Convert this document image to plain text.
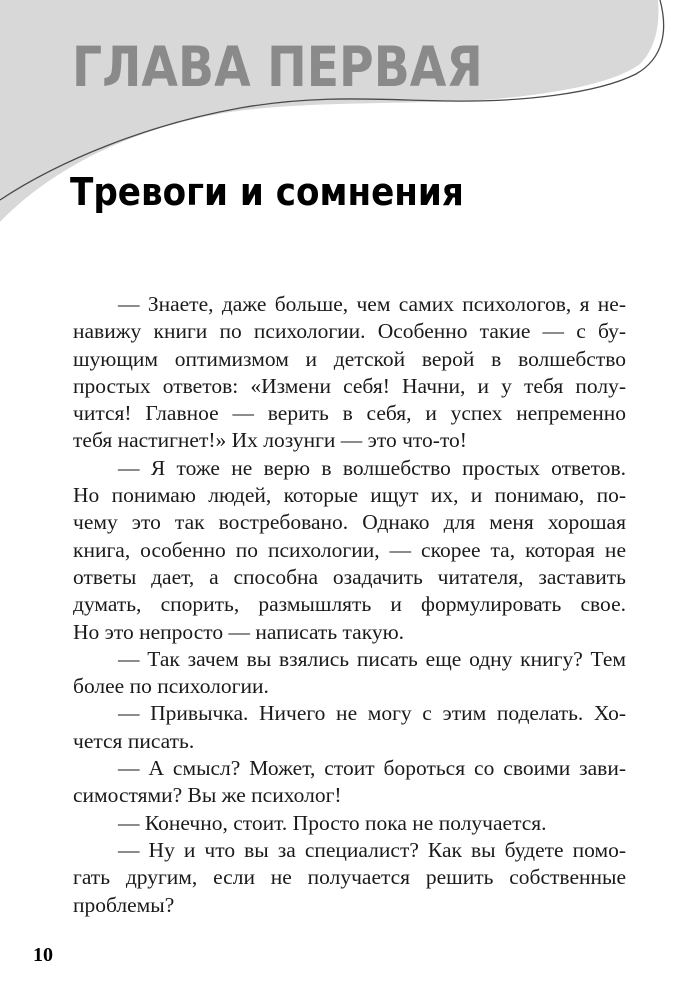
ГЛАВА ПЕРВАЯ
Тревоги и сомнения
— Знаете, даже больше, чем самих психологов, я не-
навижу книги по психологии. Особенно такие — с бу-
шующим оптимизмом и детской верой в волшебство
простых ответов: «Измени себя! Начни, и у тебя полу-
чится! Главное — верить в себя, и успех непременно
тебя настигнет!» Их лозунги — это что-то!
— Я тоже не верю в волшебство простых ответов.
Но понимаю людей, которые ищут их, и понимаю, по-
чему это так востребовано. Однако для меня хорошая
книга, особенно по психологии, — скорее та, которая не
ответы дает, а способна озадачить читателя, заставить
думать, спорить, размышлять и формулировать свое.
Но это непросто — написать такую.
— Так зачем вы взялись писать еще одну книгу? Тем
более по психологии.
— Привычка. Ничего не могу с этим поделать. Хо-
чется писать.
— А смысл? Может, стоит бороться со своими зави-
симостями? Вы же психолог!
— Конечно, стоит. Просто пока не получается.
— Ну и что вы за специалист? Как вы будете помо-
гать другим, если не получается решить собственные
проблемы?
10
